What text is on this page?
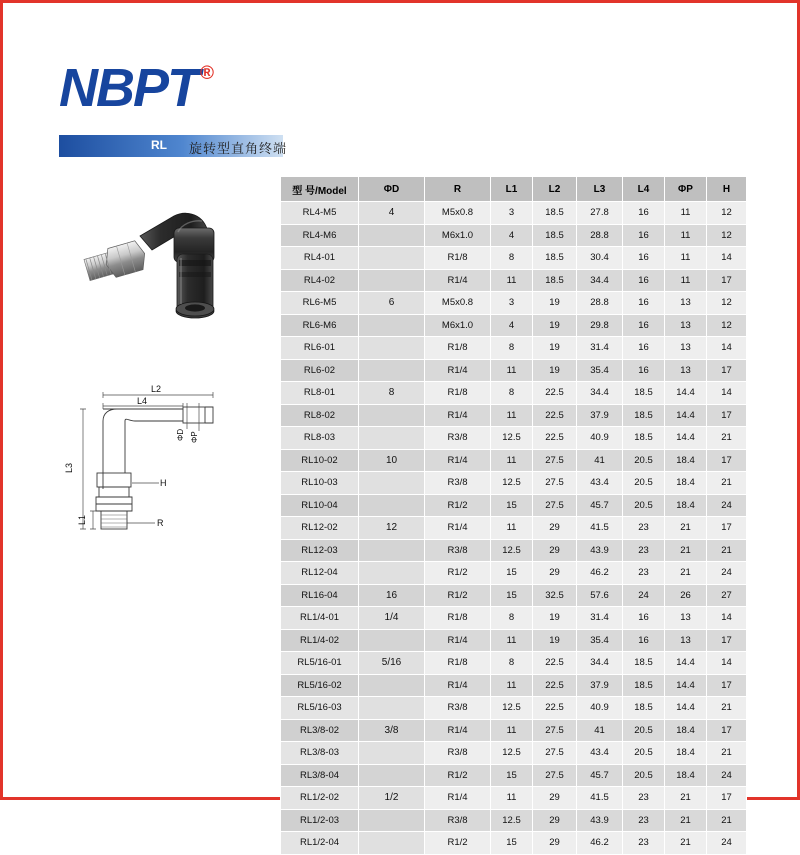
NBPT ®
RL 旋转型直角终端
L2
L4
L3
L1
H
R
ΦD ΦP
型 号/Model	ΦD	R	L1	L2	L3	L4	ΦP	H
RL4-M5	4	M5x0.8	3	18.5	27.8	16	11	12
RL4-M6		M6x1.0	4	18.5	28.8	16	11	12
RL4-01		R1/8	8	18.5	30.4	16	11	14
RL4-02		R1/4	11	18.5	34.4	16	11	17
RL6-M5	6	M5x0.8	3	19	28.8	16	13	12
RL6-M6		M6x1.0	4	19	29.8	16	13	12
RL6-01		R1/8	8	19	31.4	16	13	14
RL6-02		R1/4	11	19	35.4	16	13	17
RL8-01	8	R1/8	8	22.5	34.4	18.5	14.4	14
RL8-02		R1/4	11	22.5	37.9	18.5	14.4	17
RL8-03		R3/8	12.5	22.5	40.9	18.5	14.4	21
RL10-02	10	R1/4	11	27.5	41	20.5	18.4	17
RL10-03		R3/8	12.5	27.5	43.4	20.5	18.4	21
RL10-04		R1/2	15	27.5	45.7	20.5	18.4	24
RL12-02	12	R1/4	11	29	41.5	23	21	17
RL12-03		R3/8	12.5	29	43.9	23	21	21
RL12-04		R1/2	15	29	46.2	23	21	24
RL16-04	16	R1/2	15	32.5	57.6	24	26	27
RL1/4-01	1/4	R1/8	8	19	31.4	16	13	14
RL1/4-02		R1/4	11	19	35.4	16	13	17
RL5/16-01	5/16	R1/8	8	22.5	34.4	18.5	14.4	14
RL5/16-02		R1/4	11	22.5	37.9	18.5	14.4	17
RL5/16-03		R3/8	12.5	22.5	40.9	18.5	14.4	21
RL3/8-02	3/8	R1/4	11	27.5	41	20.5	18.4	17
RL3/8-03		R3/8	12.5	27.5	43.4	20.5	18.4	21
RL3/8-04		R1/2	15	27.5	45.7	20.5	18.4	24
RL1/2-02	1/2	R1/4	11	29	41.5	23	21	17
RL1/2-03		R3/8	12.5	29	43.9	23	21	21
RL1/2-04		R1/2	15	29	46.2	23	21	24
